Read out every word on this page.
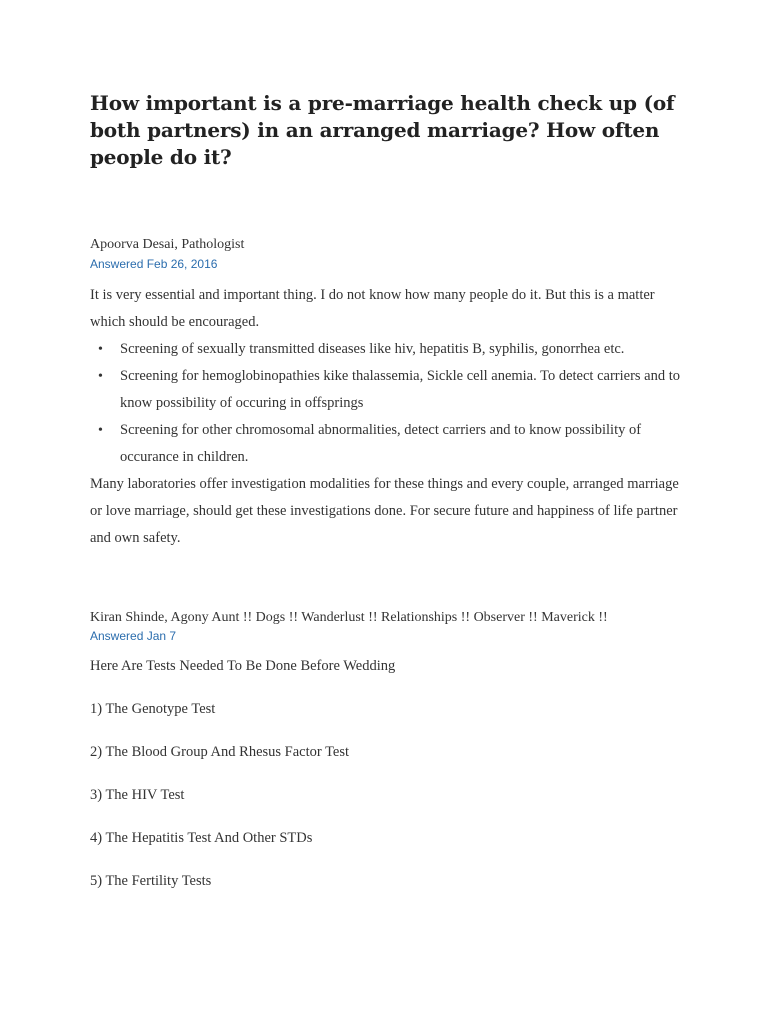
How important is a pre-marriage health check up (of both partners) in an arranged marriage? How often people do it?
Apoorva Desai, Pathologist
Answered Feb 26, 2016

It is very essential and important thing. I do not know how many people do it. But this is a matter which should be encouraged.

• Screening of sexually transmitted diseases like hiv, hepatitis B, syphilis, gonorrhea etc.
• Screening for hemoglobinopathies kike thalassemia, Sickle cell anemia. To detect carriers and to know possibility of occuring in offsprings
• Screening for other chromosomal abnormalities, detect carriers and to know possibility of occurance in children.

Many laboratories offer investigation modalities for these things and every couple, arranged marriage or love marriage, should get these investigations done. For secure future and happiness of life partner and own safety.

Kiran Shinde, Agony Aunt !! Dogs !! Wanderlust !! Relationships !! Observer !! Maverick !!
Answered Jan 7

Here Are Tests Needed To Be Done Before Wedding

1) The Genotype Test

2) The Blood Group And Rhesus Factor Test

3) The HIV Test

4) The Hepatitis Test And Other STDs

5) The Fertility Tests
